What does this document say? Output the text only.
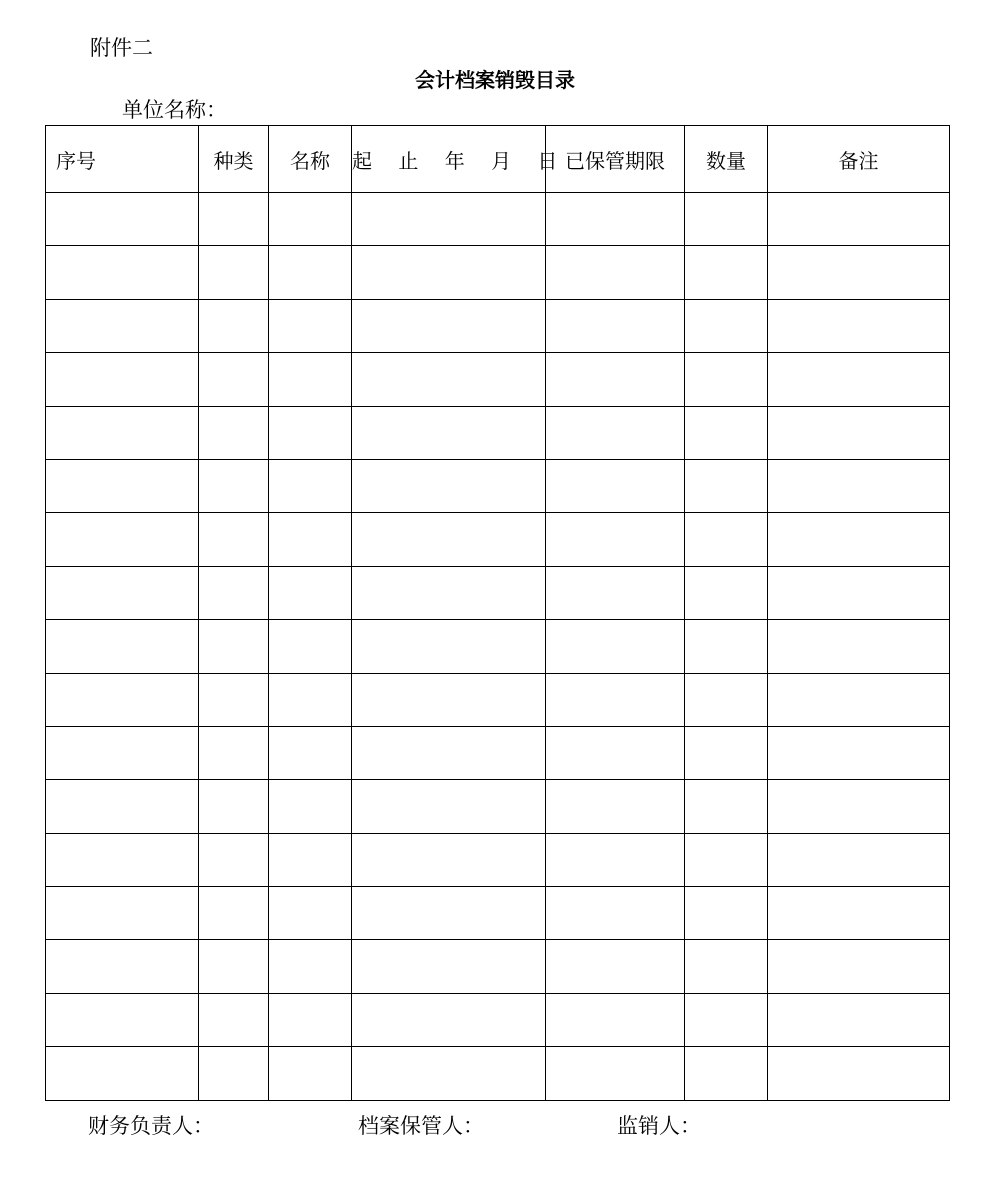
附件二
会计档案销毁目录
单位名称：
序号	种类	名称	起 止 年 月 日	已保管期限	数量	备注

财务负责人：	档案保管人：	监销人：
